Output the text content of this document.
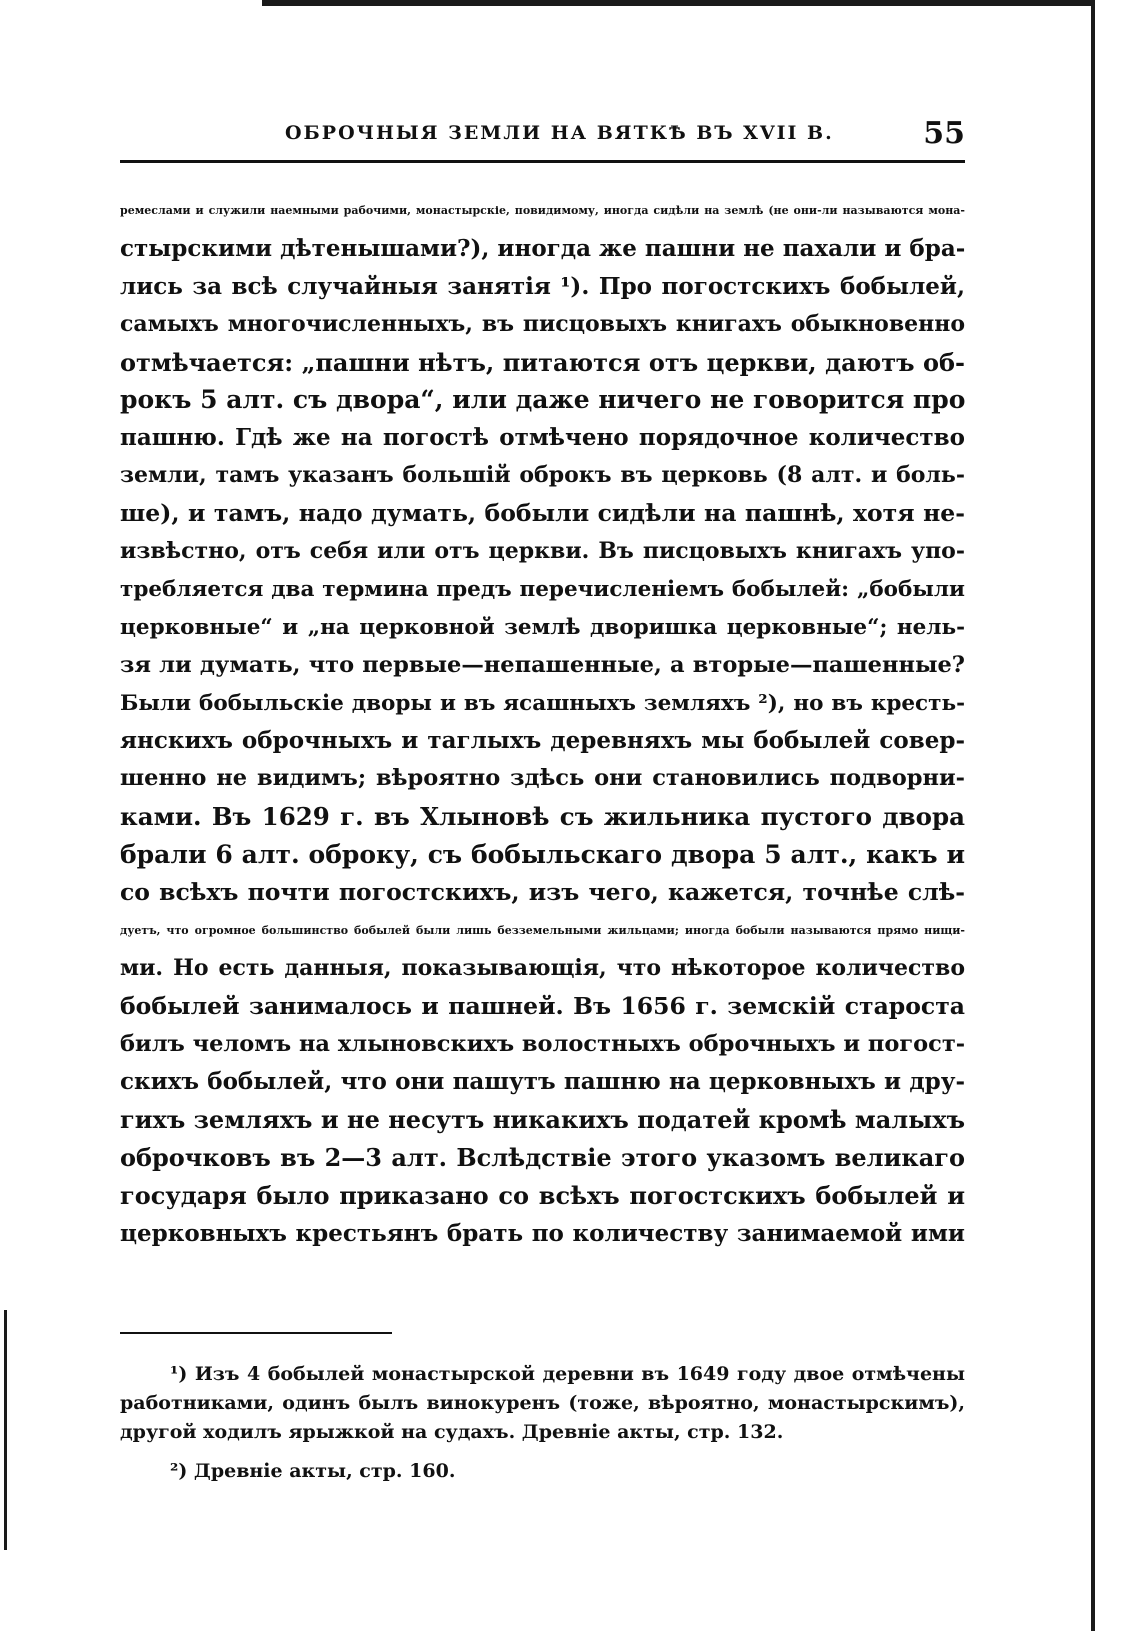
ОБРОЧНЫЯ ЗЕМЛИ НА ВЯТКѢ ВЪ XVII В.	55
ремеслами и служили наемными рабочими, монастырскіе, повидимому, иногда сидѣли на землѣ (не они-ли называются мона-
стырскими дѣтенышами?), иногда же пашни не пахали и бра-
лись за всѣ случайныя занятія ¹). Про погостскихъ бобылей,
самыхъ многочисленныхъ, въ писцовыхъ книгахъ обыкновенно
отмѣчается: „пашни нѣтъ, питаются отъ церкви, даютъ об-
рокъ 5 алт. съ двора“, или даже ничего не говорится про
пашню. Гдѣ же на погостѣ отмѣчено порядочное количество
земли, тамъ указанъ большій оброкъ въ церковь (8 алт. и боль-
ше), и тамъ, надо думать, бобыли сидѣли на пашнѣ, хотя не-
извѣстно, отъ себя или отъ церкви. Въ писцовыхъ книгахъ упо-
требляется два термина предъ перечисленіемъ бобылей: „бобыли
церковные“ и „на церковной землѣ дворишка церковные“; нель-
зя ли думать, что первые—непашенные, а вторые—пашенные?
Были бобыльскіе дворы и въ ясашныхъ земляхъ ²), но въ кресть-
янскихъ оброчныхъ и таглыхъ деревняхъ мы бобылей совер-
шенно не видимъ; вѣроятно здѣсь они становились подворни-
ками. Въ 1629 г. въ Хлыновѣ съ жильника пустого двора
брали 6 алт. оброку, съ бобыльскаго двора 5 алт., какъ и
со всѣхъ почти погостскихъ, изъ чего, кажется, точнѣе слѣ-
дуетъ, что огромное большинство бобылей были лишь безземельными жильцами; иногда бобыли называются прямо нищи-
ми. Но есть данныя, показывающія, что нѣкоторое количество
бобылей занималось и пашней. Въ 1656 г. земскій староста
билъ челомъ на хлыновскихъ волостныхъ оброчныхъ и погост-
скихъ бобылей, что они пашутъ пашню на церковныхъ и дру-
гихъ земляхъ и не несутъ никакихъ податей кромѣ малыхъ
оброчковъ въ 2—3 алт. Вслѣдствіе этого указомъ великаго
государя было приказано со всѣхъ погостскихъ бобылей и
церковныхъ крестьянъ брать по количеству занимаемой ими
¹) Изъ 4 бобылей монастырской деревни въ 1649 году двое отмѣчены
работниками, одинъ былъ винокуренъ (тоже, вѣроятно, монастырскимъ),
другой ходилъ ярыжкой на судахъ. Древніе акты, стр. 132.
²) Древніе акты, стр. 160.
